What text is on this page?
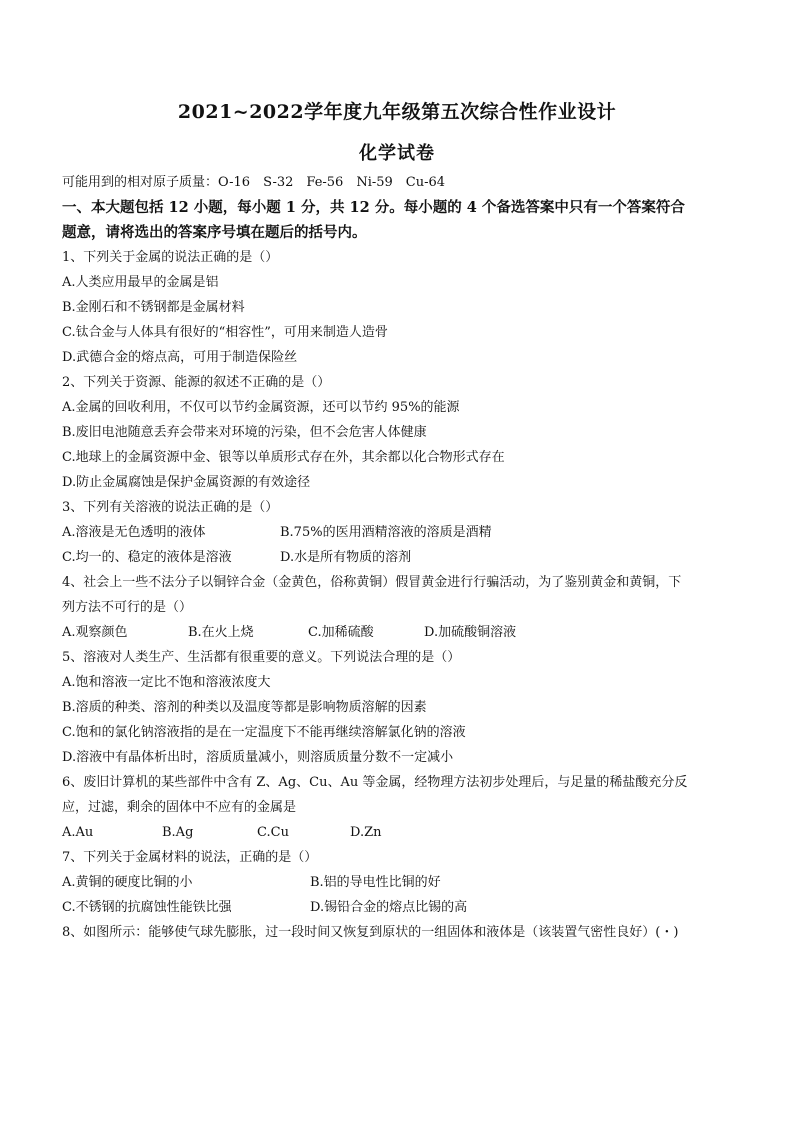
2021~2022学年度九年级第五次综合性作业设计
化学试卷
可能用到的相对原子质量：O-16　S-32　Fe-56　Ni-59　Cu-64
一、本大题包括 12 小题，每小题 1 分，共 12 分。每小题的 4 个备选答案中只有一个答案符合
题意，请将选出的答案序号填在题后的括号内。
1、下列关于金属的说法正确的是（）
A.人类应用最早的金属是铝
B.金刚石和不锈钢都是金属材料
C.钛合金与人体具有很好的“相容性”，可用来制造人造骨
D.武德合金的熔点高，可用于制造保险丝
2、下列关于资源、能源的叙述不正确的是（）
A.金属的回收利用，不仅可以节约金属资源，还可以节约 95%的能源
B.废旧电池随意丢弃会带来对环境的污染，但不会危害人体健康
C.地球上的金属资源中金、银等以单质形式存在外，其余都以化合物形式存在
D.防止金属腐蚀是保护金属资源的有效途径
3、下列有关溶液的说法正确的是（）
A.溶液是无色透明的液体	B.75%的医用酒精溶液的溶质是酒精
C.均一的、稳定的液体是溶液	D.水是所有物质的溶剂
4、社会上一些不法分子以铜锌合金（金黄色，俗称黄铜）假冒黄金进行行骗活动，为了鉴别黄金和黄铜，下
列方法不可行的是（）
A.观察颜色	B.在火上烧	C.加稀硫酸	D.加硫酸铜溶液
5、溶液对人类生产、生活都有很重要的意义。下列说法合理的是（）
A.饱和溶液一定比不饱和溶液浓度大
B.溶质的种类、溶剂的种类以及温度等都是影响物质溶解的因素
C.饱和的氯化钠溶液指的是在一定温度下不能再继续溶解氯化钠的溶液
D.溶液中有晶体析出时，溶质质量减小，则溶质质量分数不一定减小
6、废旧计算机的某些部件中含有 Z、Ag、Cu、Au 等金属，经物理方法初步处理后，与足量的稀盐酸充分反
应，过滤，剩余的固体中不应有的金属是
A.Au	B.Ag	C.Cu	D.Zn
7、下列关于金属材料的说法，正确的是（）
A.黄铜的硬度比铜的小	B.铝的导电性比铜的好
C.不锈钢的抗腐蚀性能铁比强	D.锡铅合金的熔点比锡的高
8、如图所示：能够使气球先膨胀，过一段时间又恢复到原状的一组固体和液体是（该装置气密性良好）(・)
